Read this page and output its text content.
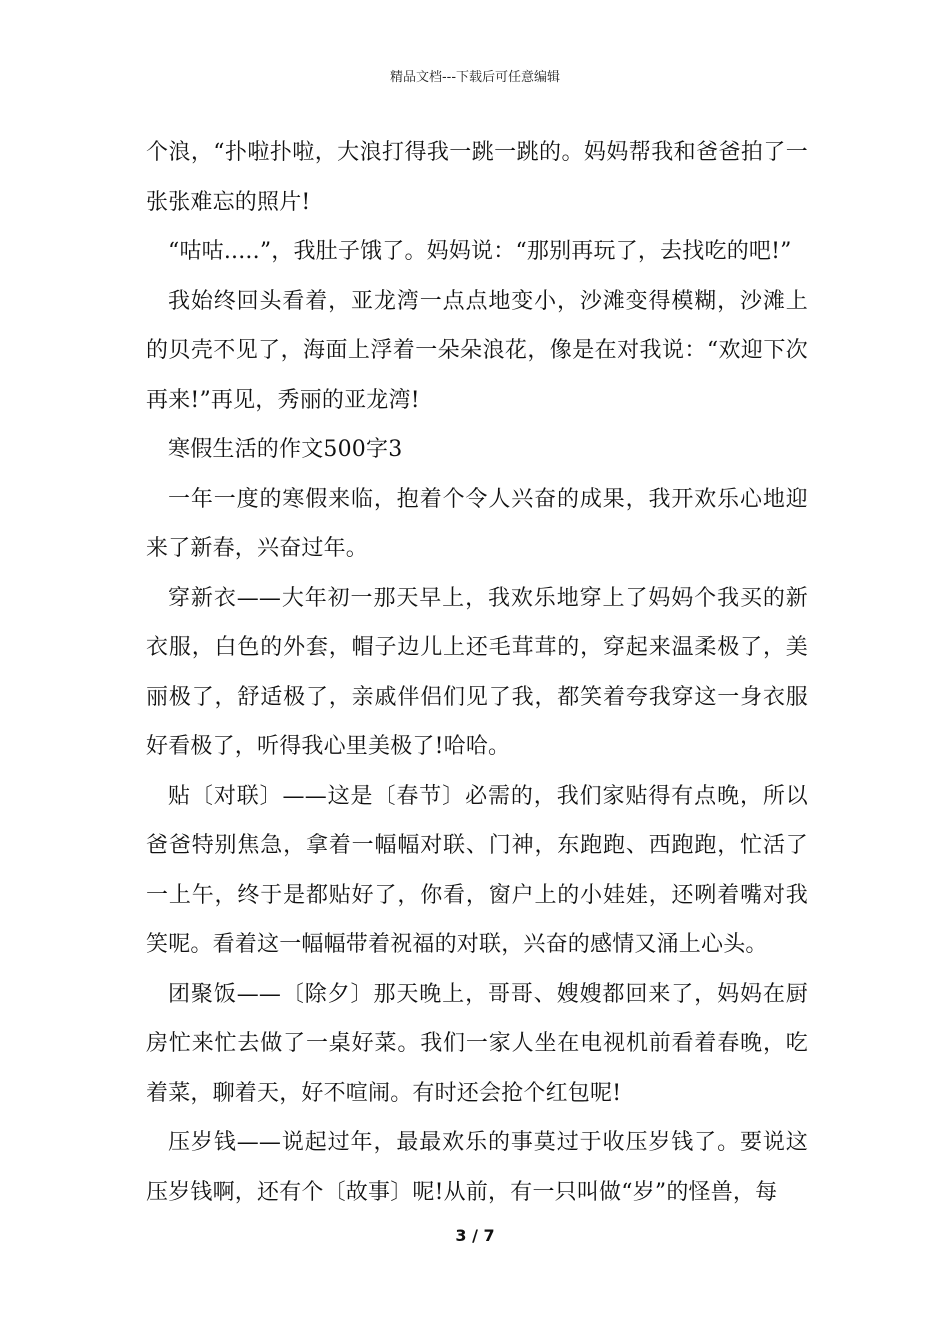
精品文档---下载后可任意编辑

个浪，“扑啦扑啦，大浪打得我一跳一跳的。妈妈帮我和爸爸拍了一张张难忘的照片!

“咕咕.....”，我肚子饿了。妈妈说：“那别再玩了，去找吃的吧!”

我始终回头看着，亚龙湾一点点地变小，沙滩变得模糊，沙滩上的贝壳不见了，海面上浮着一朵朵浪花，像是在对我说：“欢迎下次再来!”再见，秀丽的亚龙湾!

寒假生活的作文500字3

一年一度的寒假来临，抱着个令人兴奋的成果，我开欢乐心地迎来了新春，兴奋过年。

穿新衣——大年初一那天早上，我欢乐地穿上了妈妈个我买的新衣服，白色的外套，帽子边儿上还毛茸茸的，穿起来温柔极了，美丽极了，舒适极了，亲戚伴侣们见了我，都笑着夸我穿这一身衣服好看极了，听得我心里美极了!哈哈。

贴〔对联〕——这是〔春节〕必需的，我们家贴得有点晚，所以爸爸特别焦急，拿着一幅幅对联、门神，东跑跑、西跑跑，忙活了一上午，终于是都贴好了，你看，窗户上的小娃娃，还咧着嘴对我笑呢。看着这一幅幅带着祝福的对联，兴奋的感情又涌上心头。

团聚饭——〔除夕〕那天晚上，哥哥、嫂嫂都回来了，妈妈在厨房忙来忙去做了一桌好菜。我们一家人坐在电视机前看着春晚，吃着菜，聊着天，好不喧闹。有时还会抢个红包呢!

压岁钱——说起过年，最最欢乐的事莫过于收压岁钱了。要说这压岁钱啊，还有个〔故事〕呢!从前，有一只叫做“岁”的怪兽，每

3 / 7
